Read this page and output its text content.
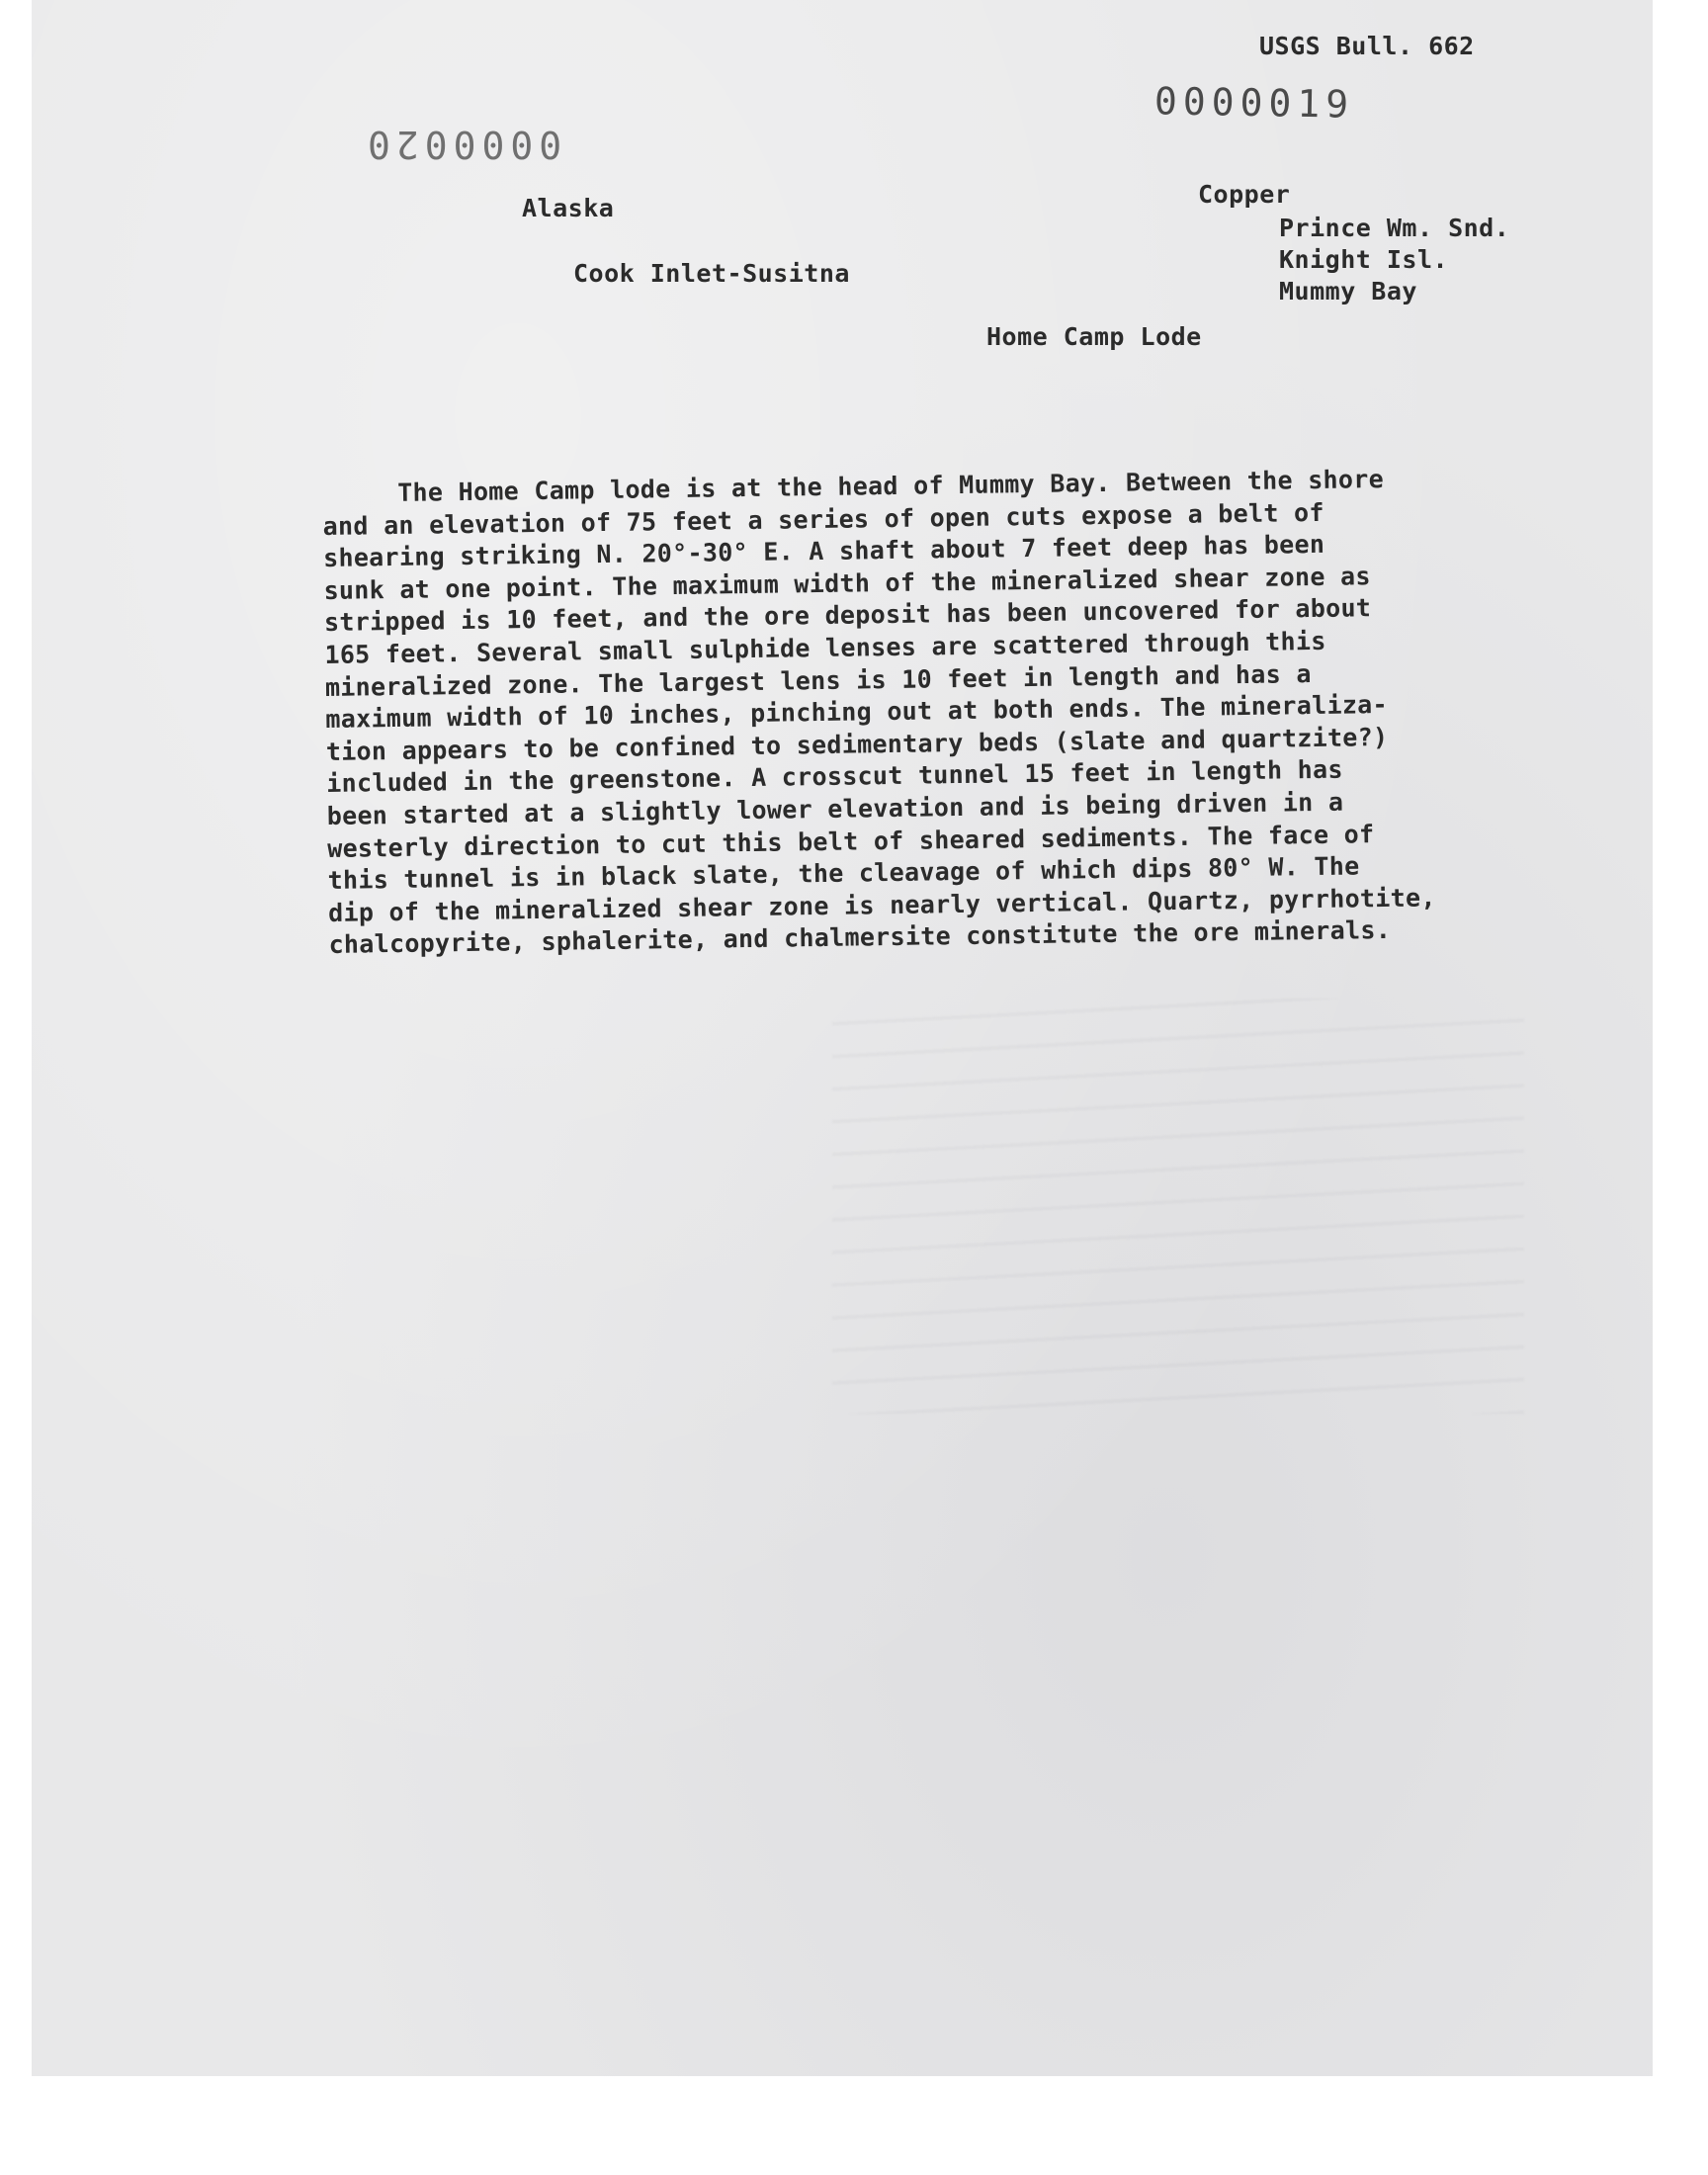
USGS Bull. 662
0000019
0000020
Alaska
Cook Inlet-Susitna
Copper
Prince Wm. Snd.
Knight Isl.
Mummy Bay
Home Camp Lode
The Home Camp lode is at the head of Mummy Bay. Between the shore
and an elevation of 75 feet a series of open cuts expose a belt of
shearing striking N. 20°-30° E. A shaft about 7 feet deep has been
sunk at one point. The maximum width of the mineralized shear zone as
stripped is 10 feet, and the ore deposit has been uncovered for about
165 feet. Several small sulphide lenses are scattered through this
mineralized zone. The largest lens is 10 feet in length and has a
maximum width of 10 inches, pinching out at both ends. The mineraliza-
tion appears to be confined to sedimentary beds (slate and quartzite?)
included in the greenstone. A crosscut tunnel 15 feet in length has
been started at a slightly lower elevation and is being driven in a
westerly direction to cut this belt of sheared sediments. The face of
this tunnel is in black slate, the cleavage of which dips 80° W. The
dip of the mineralized shear zone is nearly vertical. Quartz, pyrrhotite,
chalcopyrite, sphalerite, and chalmersite constitute the ore minerals.
